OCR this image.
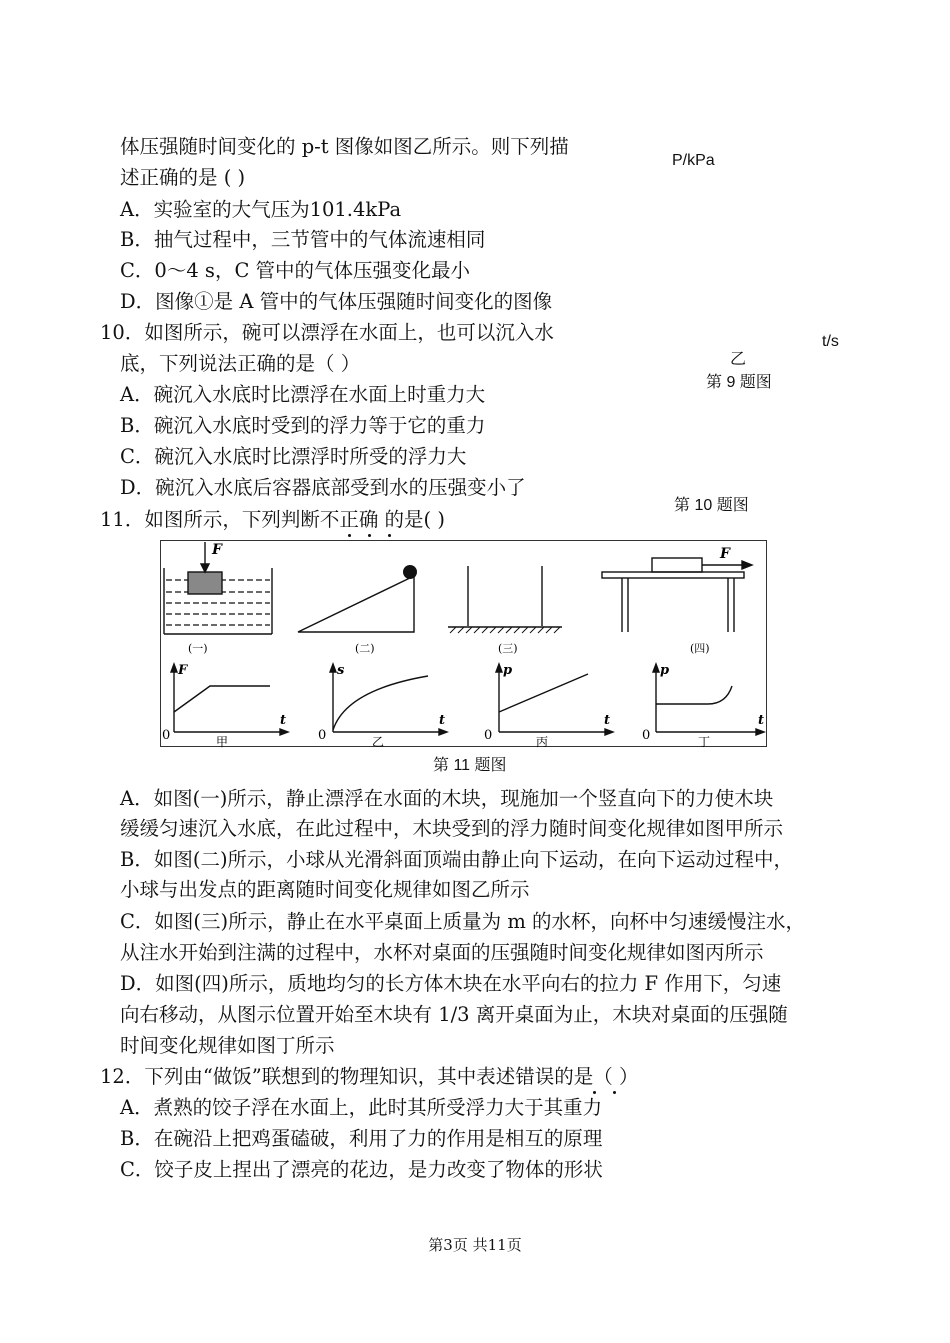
体压强随时间变化的 p-t 图像如图乙所示。则下列描
述正确的是 ( )
A．实验室的大气压为101.4kPa
B．抽气过程中，三节管中的气体流速相同
C．0～4 s，C 管中的气体压强变化最小
D．图像①是 A 管中的气体压强随时间变化的图像
P/kPa
t/s
乙
第 9 题图
10．如图所示，碗可以漂浮在水面上，也可以沉入水
底，下列说法正确的是（ ）
A．碗沉入水底时比漂浮在水面上时重力大
B．碗沉入水底时受到的浮力等于它的重力
C．碗沉入水底时比漂浮时所受的浮力大
D．碗沉入水底后容器底部受到水的压强变小了
第 10 题图
11．如图所示，下列判断不正确 的是( )
F
(一)	(二)	(三)
F
(四)
F
t
0	甲
s
t
0	乙
p
t
0	丙
p
t
0	丁
第 11 题图
A．如图(一)所示，静止漂浮在水面的木块，现施加一个竖直向下的力使木块
缓缓匀速沉入水底，在此过程中，木块受到的浮力随时间变化规律如图甲所示
B．如图(二)所示，小球从光滑斜面顶端由静止向下运动，在向下运动过程中，
小球与出发点的距离随时间变化规律如图乙所示
C．如图(三)所示，静止在水平桌面上质量为 m 的水杯，向杯中匀速缓慢注水，
从注水开始到注满的过程中，水杯对桌面的压强随时间变化规律如图丙所示
D．如图(四)所示，质地均匀的长方体木块在水平向右的拉力 F 作用下，匀速
向右移动，从图示位置开始至木块有 1/3 离开桌面为止，木块对桌面的压强随
时间变化规律如图丁所示
12．下列由“做饭”联想到的物理知识，其中表述错误的是（ ）
A．煮熟的饺子浮在水面上，此时其所受浮力大于其重力
B．在碗沿上把鸡蛋磕破，利用了力的作用是相互的原理
C．饺子皮上捏出了漂亮的花边，是力改变了物体的形状
第3页 共11页
